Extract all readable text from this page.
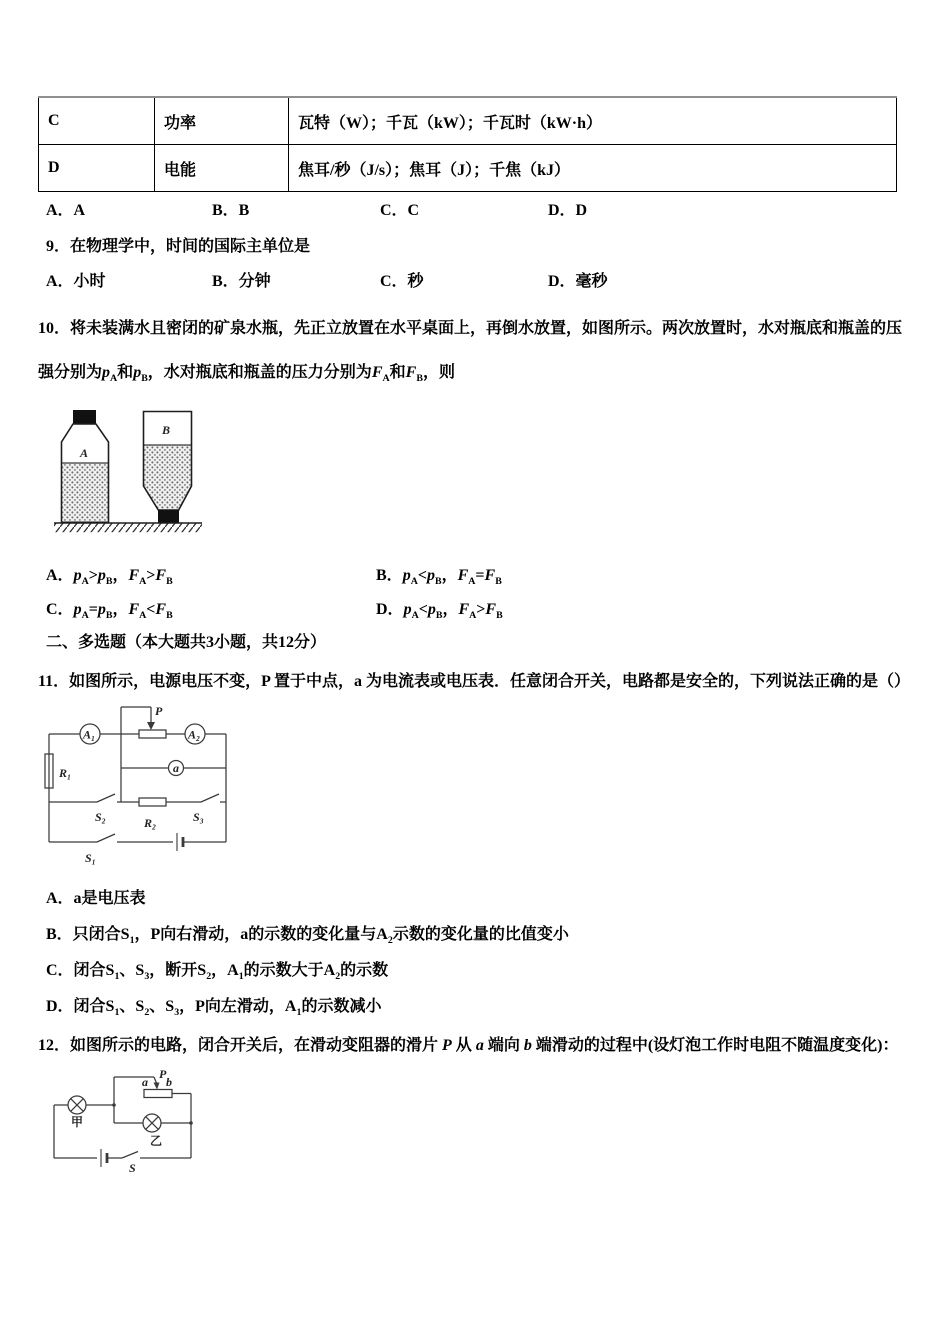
C	功率	瓦特（W）；千瓦（kW）；千瓦时（kW·h）
D	电能	焦耳/秒（J/s）；焦耳（J）；千焦（kJ）
A．A	B．B	C．C	D．D

9．在物理学中，时间的国际主单位是

A．小时	B．分钟	C．秒	D．毫秒

10．将未装满水且密闭的矿泉水瓶，先正立放置在水平桌面上，再倒水放置，如图所示。两次放置时，水对瓶底和瓶盖的压强分别为$p_A$和$p_B$，水对瓶底和瓶盖的压力分别为$F_A$和$F_B$，则

A
B
A．$p_A>p_B$，$F_A>F_B$	B．$p_A<p_B$，$F_A=F_B$
C．$p_A=p_B$，$F_A<F_B$	D．$p_A<p_B$，$F_A>F_B$

二、多选题（本大题共3小题，共12分）

11．如图所示，电源电压不变，P 置于中点，a 为电流表或电压表．任意闭合开关，电路都是安全的，下列说法正确的是（）

A₁	A₂
P
a
R₁
S₂	R₂	S₃
S₁

A．a是电压表

B．只闭合$S_1$，P向右滑动，a的示数的变化量与$A_2$示数的变化量的比值变小

C．闭合$S_1$、$S_3$，断开$S_2$，$A_1$的示数大于$A_2$的示数

D．闭合$S_1$、$S_2$、$S_3$，P向左滑动，$A_1$的示数减小

12．如图所示的电路，闭合开关后，在滑动变阻器的滑片 P 从 a 端向 b 端滑动的过程中(设灯泡工作时电阻不随温度变化)：

a
P
b
甲
乙
S
